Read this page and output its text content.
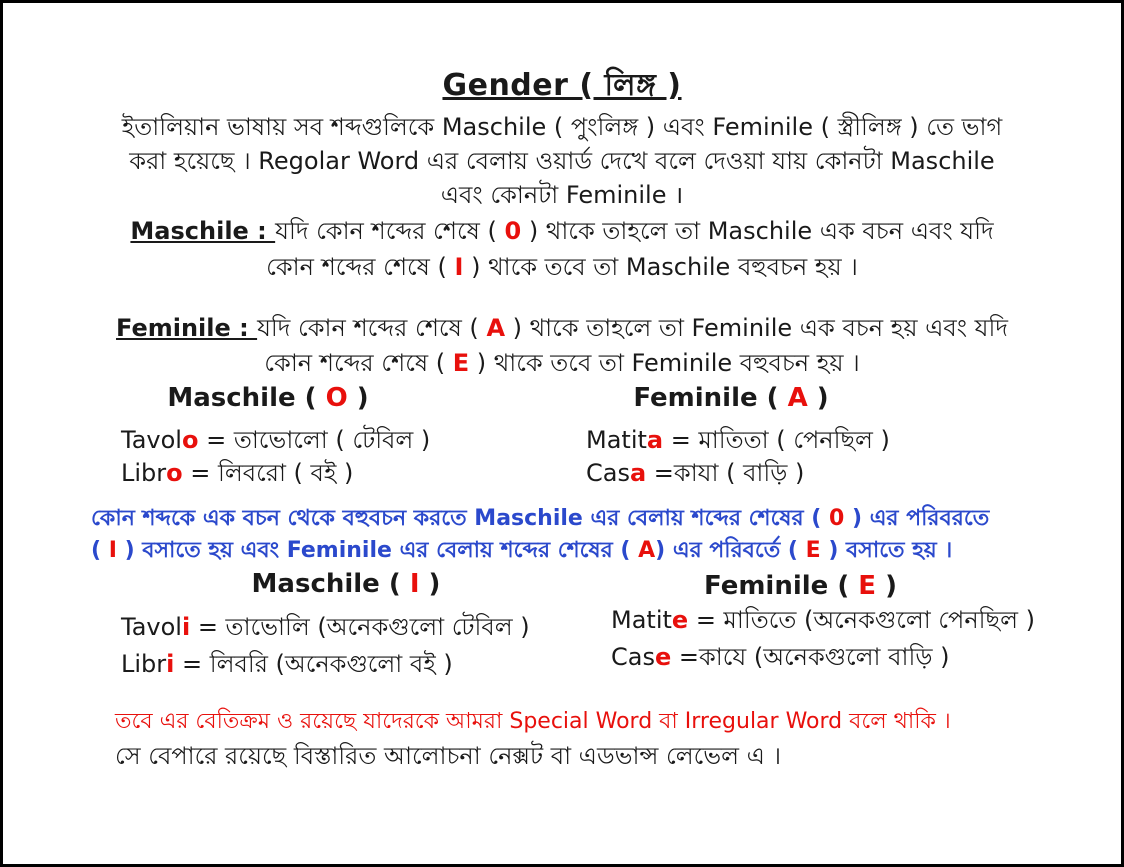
Gender ( লিঙ্গ )
ইতালিয়ান ভাষায় সব শব্দগুলিকে Maschile ( পুংলিঙ্গ ) এবং Feminile ( স্ত্রীলিঙ্গ ) তে ভাগ
করা হয়েছে । Regolar Word এর বেলায় ওয়ার্ড দেখে বলে দেওয়া যায় কোনটা Maschile
এবং কোনটা Feminile ।
Maschile : যদি কোন শব্দের শেষে ( 0 ) থাকে তাহলে তা Maschile এক বচন এবং যদি
কোন শব্দের শেষে ( I ) থাকে তবে তা Maschile বহুবচন হয় ।
Feminile : যদি কোন শব্দের শেষে ( A ) থাকে তাহলে তা Feminile এক বচন হয় এবং যদি
কোন শব্দের শেষে ( E ) থাকে তবে তা Feminile বহুবচন হয় ।
Maschile ( O )	Feminile ( A )
Tavolo = তাভোলো ( টেবিল )
Libro = লিবরো ( বই )
Matita = মাতিতা ( পেনছিল )
Casa =কাযা ( বাড়ি )
কোন শব্দকে এক বচন থেকে বহুবচন করতে Maschile এর বেলায় শব্দের শেষের ( 0 ) এর পরিবরতে
( I ) বসাতে হয় এবং Feminile এর বেলায় শব্দের শেষের ( A) এর পরিবর্তে ( E ) বসাতে হয় ।
Maschile ( I )	Feminile ( E )
Tavoli = তাভোলি (অনেকগুলো টেবিল )
Libri = লিবরি (অনেকগুলো বই )
Matite = মাতিতে (অনেকগুলো পেনছিল )
Case =কাযে (অনেকগুলো বাড়ি )
তবে এর বেতিক্রম ও রয়েছে যাদেরকে আমরা Special Word বা Irregular Word বলে থাকি ।
সে বেপারে রয়েছে বিস্তারিত আলোচনা নেক্সট বা এডভান্স লেভেল এ ।
